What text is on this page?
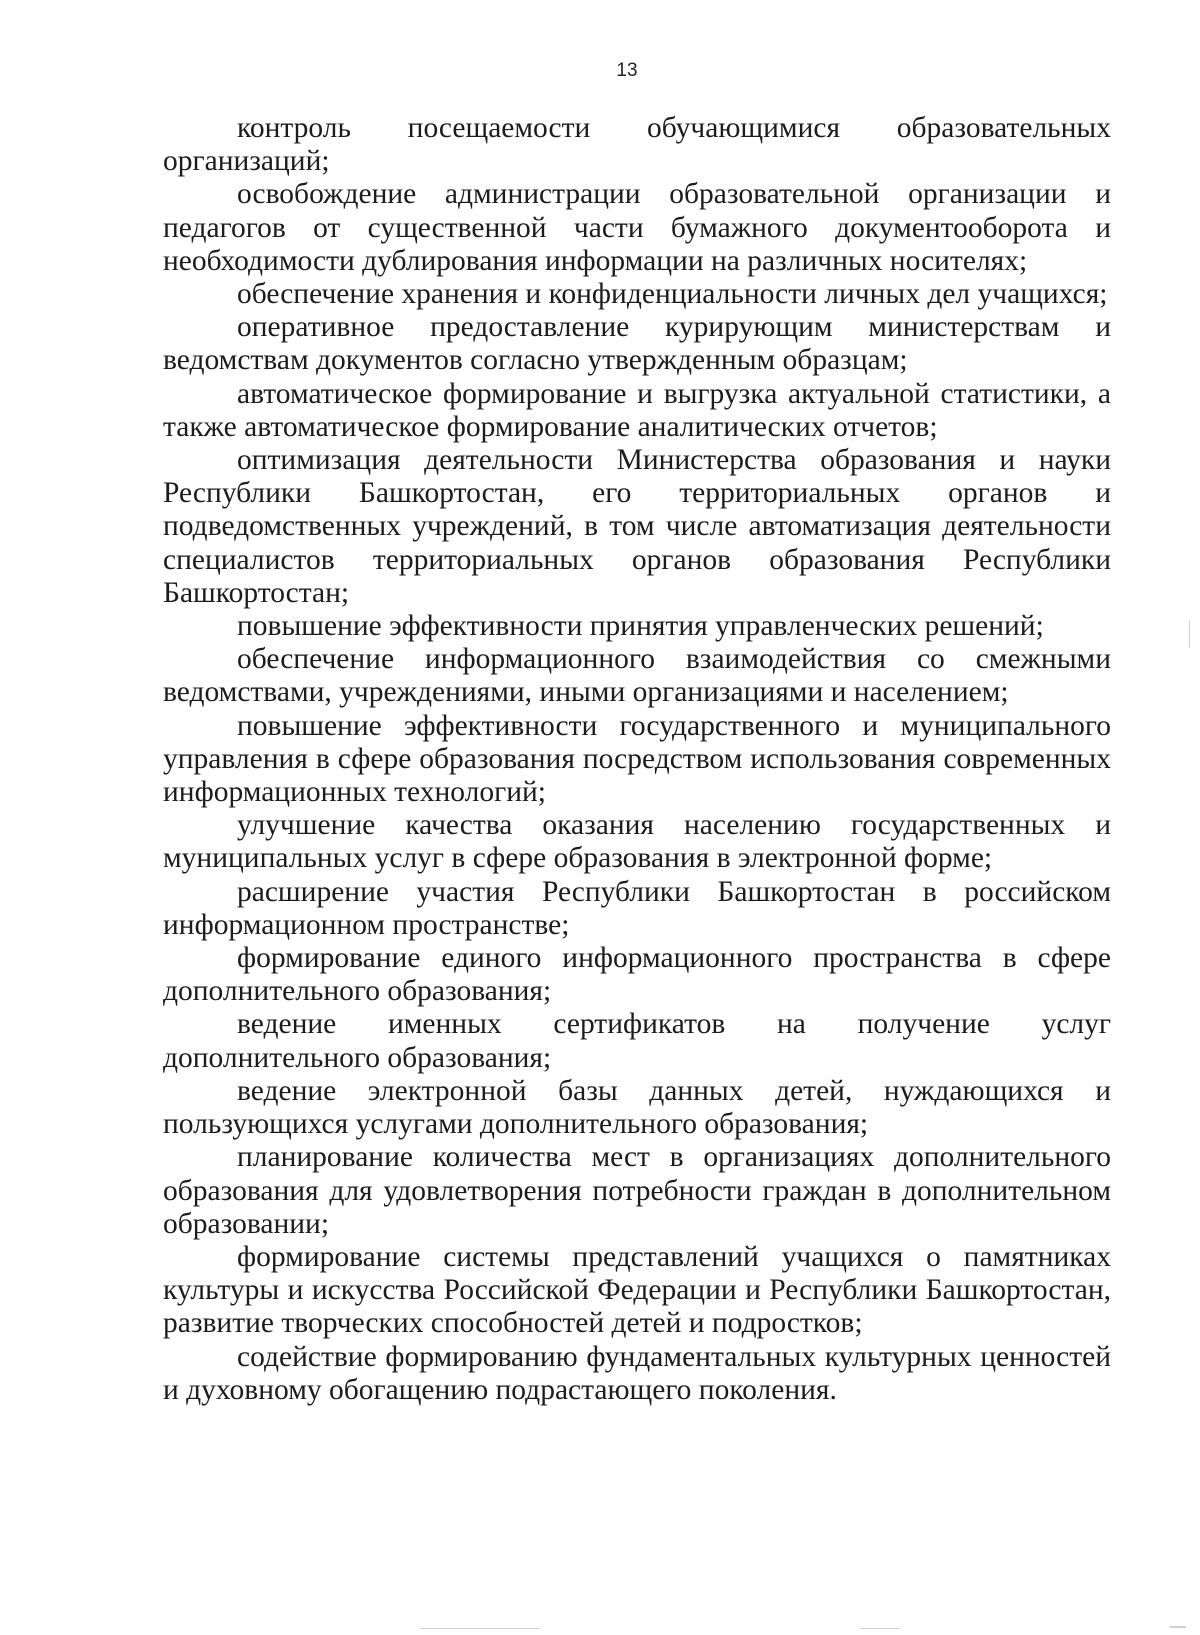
13

контроль посещаемости обучающимися образовательных организаций;

освобождение администрации образовательной организации и педагогов от существенной части бумажного документооборота и необходимости дублирования информации на различных носителях;

обеспечение хранения и конфиденциальности личных дел учащихся;

оперативное предоставление курирующим министерствам и ведомствам документов согласно утвержденным образцам;

автоматическое формирование и выгрузка актуальной статистики, а также автоматическое формирование аналитических отчетов;

оптимизация деятельности Министерства образования и науки Республики Башкортостан, его территориальных органов и подведомственных учреждений, в том числе автоматизация деятельности специалистов территориальных органов образования Республики Башкортостан;

повышение эффективности принятия управленческих решений;

обеспечение информационного взаимодействия со смежными ведомствами, учреждениями, иными организациями и населением;

повышение эффективности государственного и муниципального управления в сфере образования посредством использования современных информационных технологий;

улучшение качества оказания населению государственных и муниципальных услуг в сфере образования в электронной форме;

расширение участия Республики Башкортостан в российском информационном пространстве;

формирование единого информационного пространства в сфере дополнительного образования;

ведение именных сертификатов на получение услуг дополнительного образования;

ведение электронной базы данных детей, нуждающихся и пользующихся услугами дополнительного образования;

планирование количества мест в организациях дополнительного образования для удовлетворения потребности граждан в дополнительном образовании;

формирование системы представлений учащихся о памятниках культуры и искусства Российской Федерации и Республики Башкортостан, развитие творческих способностей детей и подростков;

содействие формированию фундаментальных культурных ценностей и духовному обогащению подрастающего поколения.
